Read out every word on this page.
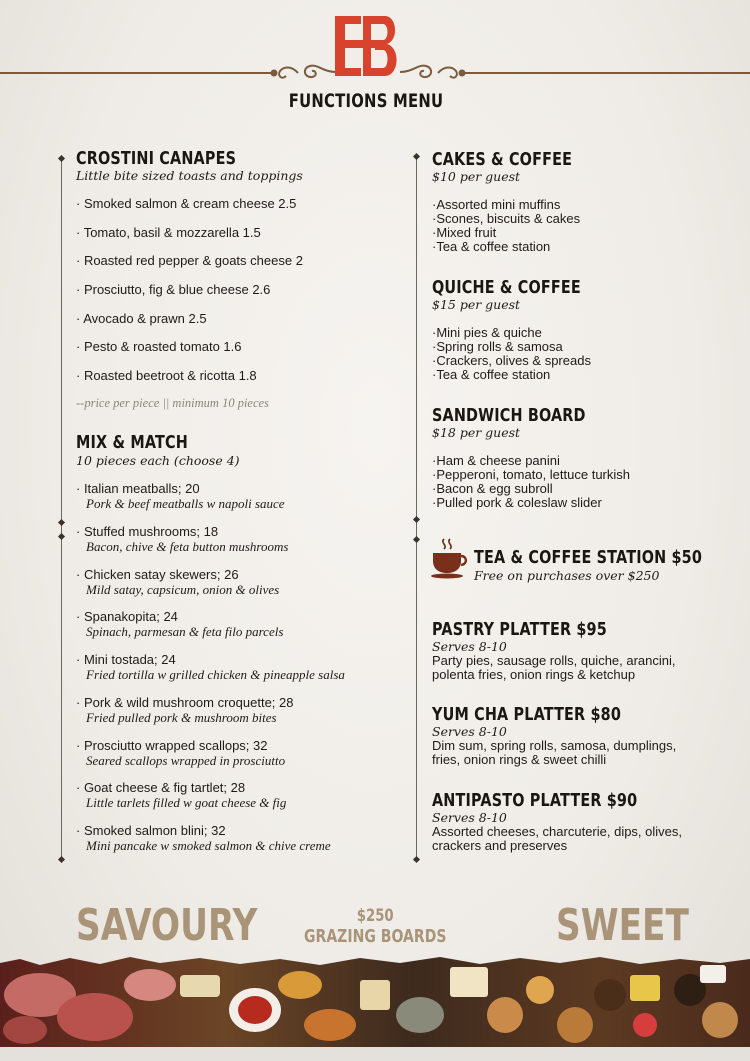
FUNCTIONS MENU
CROSTINI CANAPES
Little bite sized toasts and toppings
· Smoked salmon & cream cheese 2.5
· Tomato, basil & mozzarella 1.5
· Roasted red pepper & goats cheese 2
· Prosciutto, fig & blue cheese 2.6
· Avocado & prawn 2.5
· Pesto & roasted tomato 1.6
· Roasted beetroot & ricotta 1.8
--price per piece || minimum 10 pieces
MIX & MATCH
10 pieces each (choose 4)
· Italian meatballs; 20
Pork & beef meatballs w napoli sauce
· Stuffed mushrooms; 18
Bacon, chive & feta button mushrooms
· Chicken satay skewers; 26
Mild satay, capsicum, onion & olives
· Spanakopita; 24
Spinach, parmesan & feta filo parcels
· Mini tostada; 24
Fried tortilla w grilled chicken & pineapple salsa
· Pork & wild mushroom croquette; 28
Fried pulled pork & mushroom bites
· Prosciutto wrapped scallops; 32
Seared scallops wrapped in prosciutto
· Goat cheese & fig tartlet; 28
Little tarlets filled w goat cheese & fig
· Smoked salmon blini; 32
Mini pancake w smoked salmon & chive creme
CAKES & COFFEE
$10 per guest
·Assorted mini muffins
·Scones, biscuits & cakes
·Mixed fruit
·Tea & coffee station
QUICHE & COFFEE
$15 per guest
·Mini pies & quiche
·Spring rolls & samosa
·Crackers, olives & spreads
·Tea & coffee station
SANDWICH BOARD
$18 per guest
·Ham & cheese panini
·Pepperoni, tomato, lettuce turkish
·Bacon & egg subroll
·Pulled pork & coleslaw slider
TEA & COFFEE STATION $50
Free on purchases over $250
PASTRY PLATTER $95
Serves 8-10
Party pies, sausage rolls, quiche, arancini,
polenta fries, onion rings & ketchup
YUM CHA PLATTER $80
Serves 8-10
Dim sum, spring rolls, samosa, dumplings,
fries, onion rings & sweet chilli
ANTIPASTO PLATTER $90
Serves 8-10
Assorted cheeses, charcuterie, dips, olives,
crackers and preserves
SAVOURY	SWEET
$250
GRAZING BOARDS
